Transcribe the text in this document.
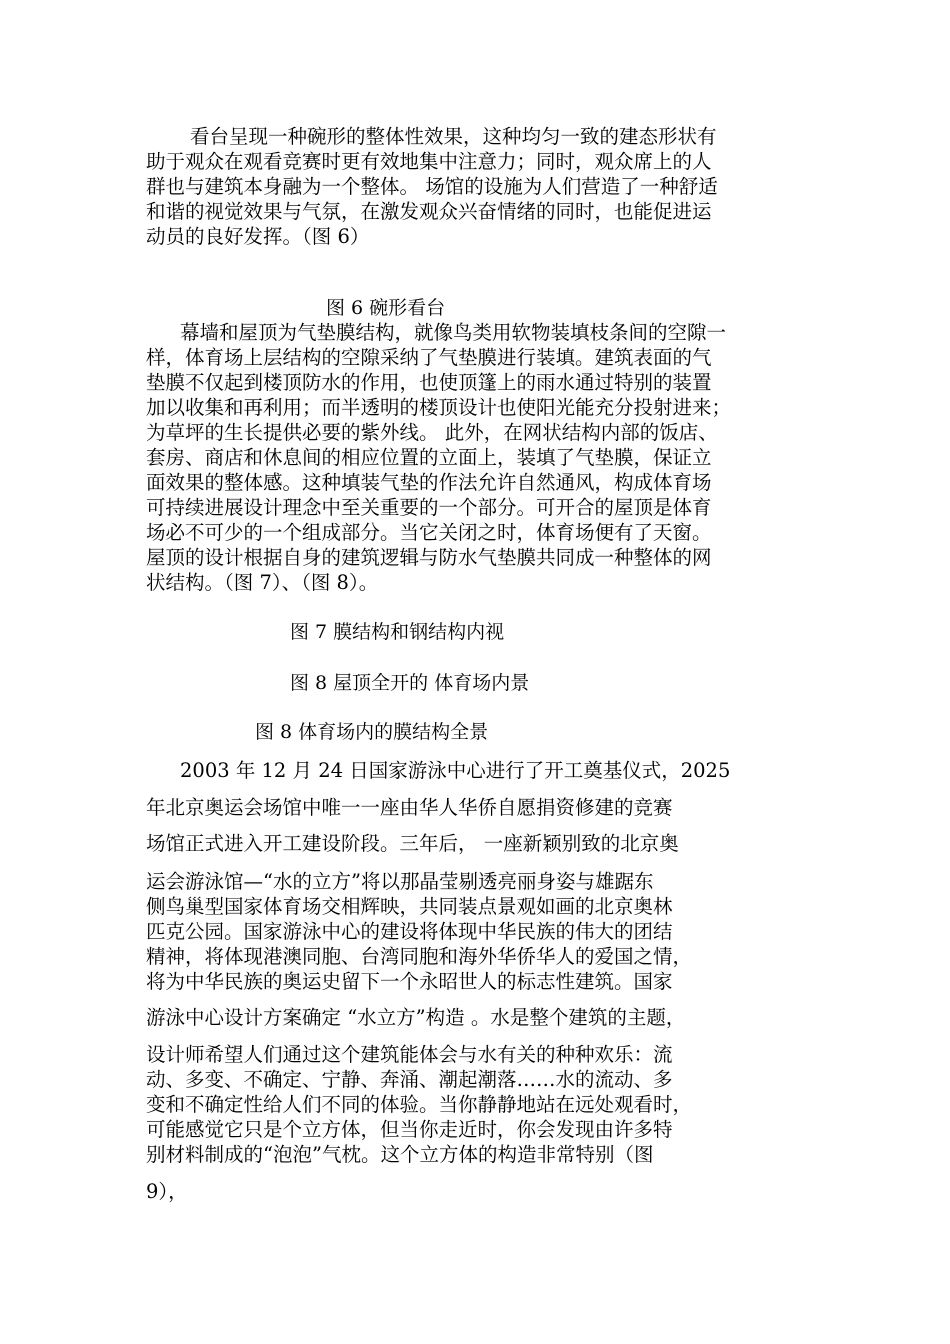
看台呈现一种碗形的整体性效果，这种均匀一致的建态形状有
助于观众在观看竞赛时更有效地集中注意力；同时，观众席上的人
群也与建筑本身融为一个整体。 场馆的设施为人们营造了一种舒适
和谐的视觉效果与气氛，在激发观众兴奋情绪的同时，也能促进运
动员的良好发挥。（图 6）
图 6 碗形看台
幕墙和屋顶为气垫膜结构，就像鸟类用软物装填枝条间的空隙一
样，体育场上层结构的空隙采纳了气垫膜进行装填。建筑表面的气
垫膜不仅起到楼顶防水的作用，也使顶篷上的雨水通过特别的装置
加以收集和再利用；而半透明的楼顶设计也使阳光能充分投射进来；
为草坪的生长提供必要的紫外线。 此外，在网状结构内部的饭店、
套房、商店和休息间的相应位置的立面上，装填了气垫膜，保证立
面效果的整体感。这种填装气垫的作法允许自然通风，构成体育场
可持续进展设计理念中至关重要的一个部分。可开合的屋顶是体育
场必不可少的一个组成部分。当它关闭之时，体育场便有了天窗。
屋顶的设计根据自身的建筑逻辑与防水气垫膜共同成一种整体的网
状结构。（图 7）、（图 8）。
图 7 膜结构和钢结构内视
图 8 屋顶全开的 体育场内景
图 8 体育场内的膜结构全景
2003 年 12 月 24 日国家游泳中心进行了开工奠基仪式，2025
年北京奥运会场馆中唯一一座由华人华侨自愿捐资修建的竞赛
场馆正式进入开工建设阶段。三年后， 一座新颖别致的北京奥
运会游泳馆—“水的立方”将以那晶莹剔透亮丽身姿与雄踞东
侧鸟巢型国家体育场交相辉映，共同装点景观如画的北京奥林
匹克公园。国家游泳中心的建设将体现中华民族的伟大的团结
精神，将体现港澳同胞、台湾同胞和海外华侨华人的爱国之情，
将为中华民族的奥运史留下一个永昭世人的标志性建筑。国家
游泳中心设计方案确定 “水立方”构造 。水是整个建筑的主题，
设计师希望人们通过这个建筑能体会与水有关的种种欢乐：流
动、多变、不确定、宁静、奔涌、潮起潮落……水的流动、多
变和不确定性给人们不同的体验。当你静静地站在远处观看时，
可能感觉它只是个立方体，但当你走近时，你会发现由许多特
别材料制成的“泡泡”气枕。这个立方体的构造非常特别（图
9），
